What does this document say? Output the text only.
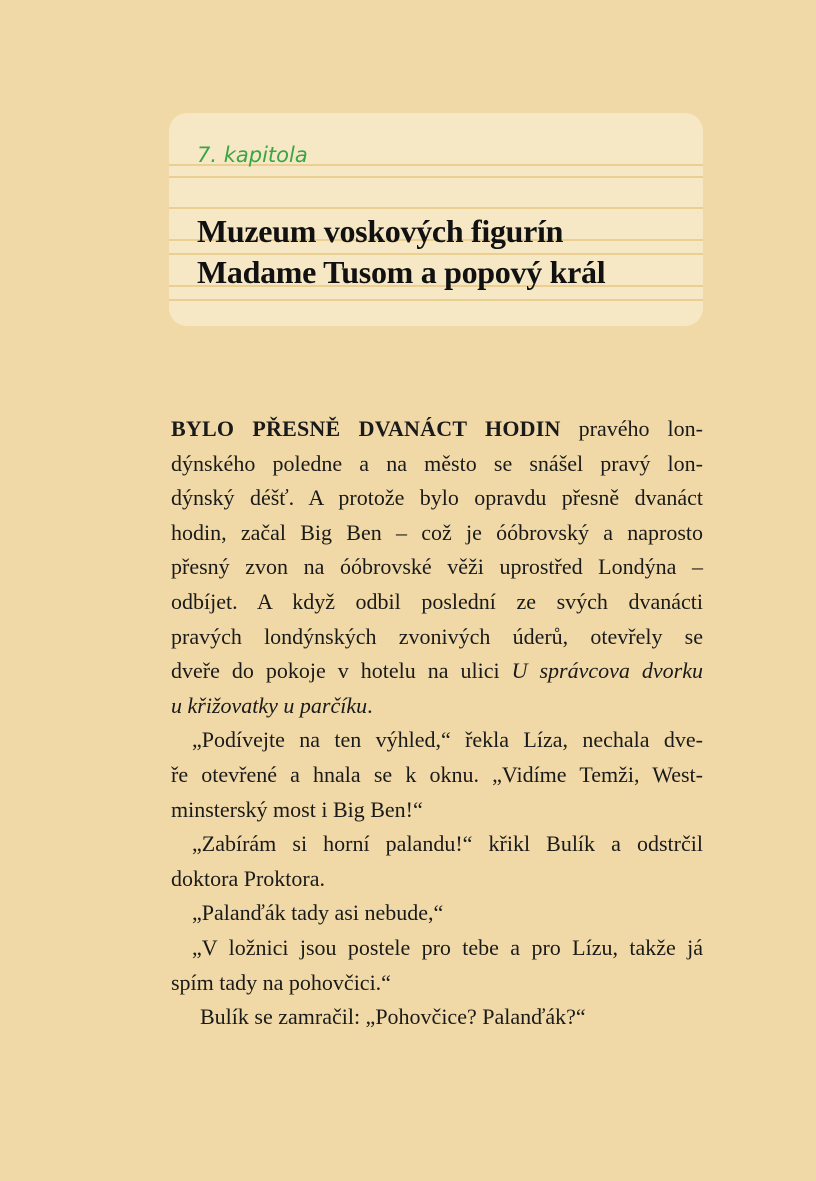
7. kapitola

Muzeum voskových figurín
Madame Tusom a popový král

BYLO PŘESNĚ DVANÁCT HODIN pravého lon-
dýnského poledne a na město se snášel pravý lon-
dýnský déšť. A protože bylo opravdu přesně dvanáct
hodin, začal Big Ben – což je óóbrovský a naprosto
přesný zvon na óóbrovské věži uprostřed Londýna –
odbíjet. A když odbil poslední ze svých dvanácti
pravých londýnských zvonivých úderů, otevřely se
dveře do pokoje v hotelu na ulici U správcova dvorku
u křižovatky u parčíku.

„Podívejte na ten výhled,“ řekla Líza, nechala dve-
ře otevřené a hnala se k oknu. „Vidíme Temži, West-
minsterský most i Big Ben!“

„Zabírám si horní palandu!“ křikl Bulík a odstrčil
doktora Proktora.

„Palanďák tady asi nebude,“

„V ložnici jsou postele pro tebe a pro Lízu, takže já
spím tady na pohovčici.“

Bulík se zamračil: „Pohovčice? Palanďák?“
